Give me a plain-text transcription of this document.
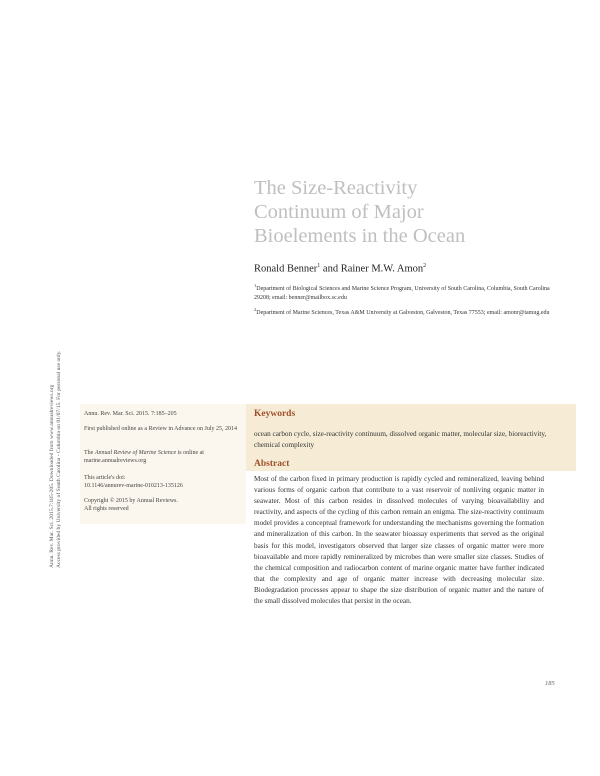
Annu. Rev. Mar. Sci. 2015.7:185-205. Downloaded from www.annualreviews.org Access provided by University of South Carolina - Columbia on 01/07/15. For personal use only.
The Size-Reactivity
Continuum of Major
Bioelements in the Ocean
Ronald Benner$^1$ and Rainer M.W. Amon$^2$
$^1$Department of Biological Sciences and Marine Science Program, University of South Carolina, Columbia, South Carolina 29208; email: benner@mailbox.sc.edu
$^2$Department of Marine Sciences, Texas A&M University at Galveston, Galveston, Texas 77553; email: amonr@tamug.edu
Annu. Rev. Mar. Sci. 2015. 7:185–205
First published online as a Review in Advance on July 25, 2014
The Annual Review of Marine Science is online at marine.annualreviews.org
This article's doi:
10.1146/annurev-marine-010213-135126
Copyright © 2015 by Annual Reviews.
All rights reserved
Keywords
ocean carbon cycle, size-reactivity continuum, dissolved organic matter, molecular size, bioreactivity, chemical complexity
Abstract

Most of the carbon fixed in primary production is rapidly cycled and remineralized, leaving behind various forms of organic carbon that contribute to a vast reservoir of nonliving organic matter in seawater. Most of this carbon resides in dissolved molecules of varying bioavailability and reactivity, and aspects of the cycling of this carbon remain an enigma. The size-reactivity continuum model provides a conceptual framework for understanding the mechanisms governing the formation and mineralization of this carbon. In the seawater bioassay experiments that served as the original basis for this model, investigators observed that larger size classes of organic matter were more bioavailable and more rapidly remineralized by microbes than were smaller size classes. Studies of the chemical composition and radiocarbon content of marine organic matter have further indicated that the complexity and age of organic matter increase with decreasing molecular size. Biodegradation processes appear to shape the size distribution of organic matter and the nature of the small dissolved molecules that persist in the ocean.

185
